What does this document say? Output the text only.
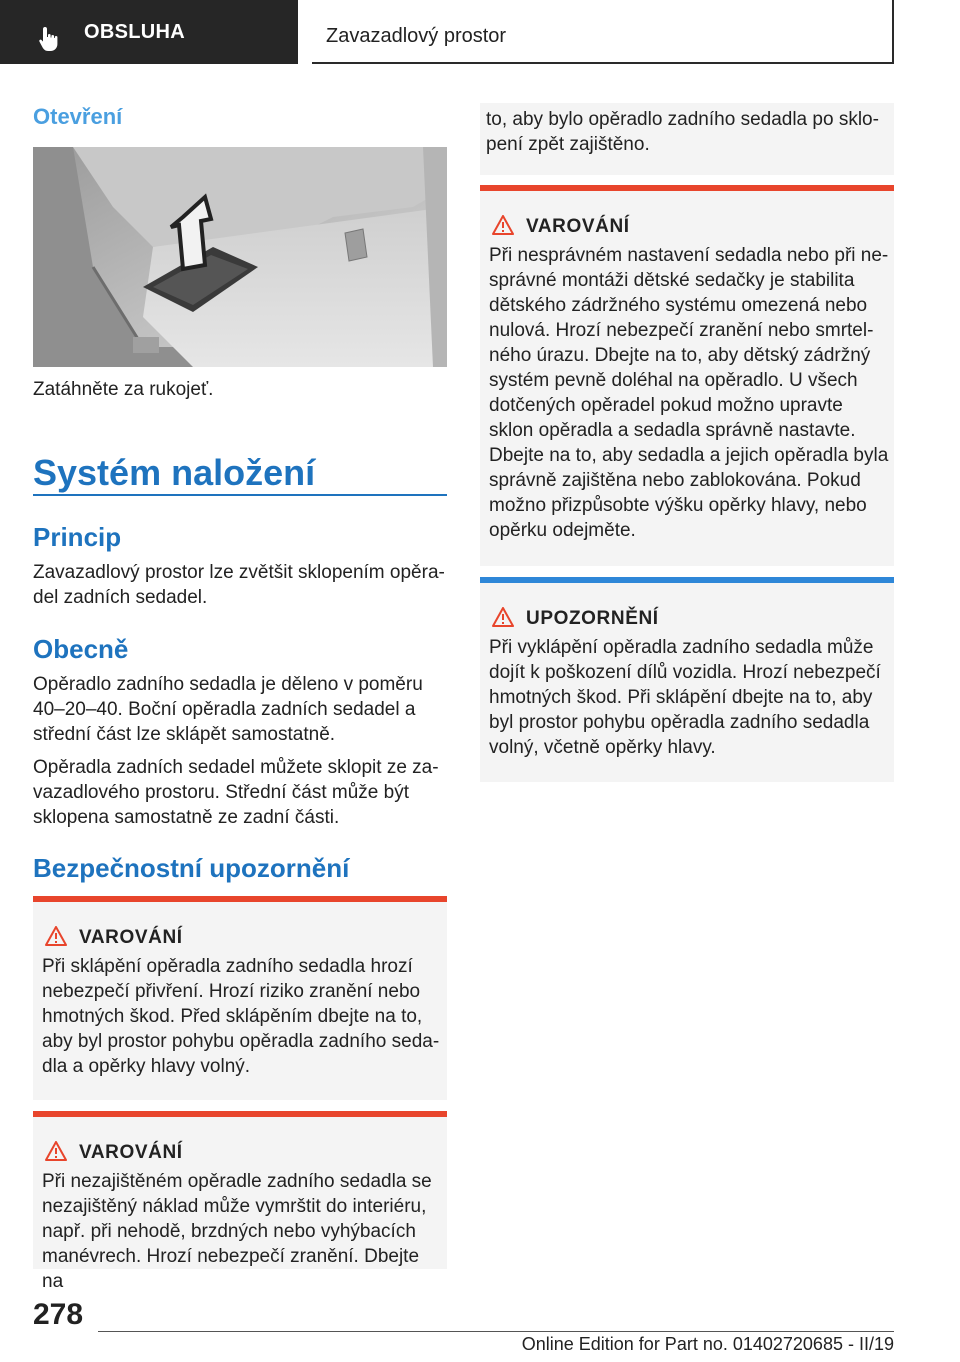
OBSLUHA	Zavazadlový prostor
Otevření
Zatáhněte za rukojeť.
Systém naložení
Princip
Zavazadlový prostor lze zvětšit sklopením opěradel zadních sedadel.
Obecně
Opěradlo zadního sedadla je děleno v poměru 40–20–40. Boční opěradla zadních sedadel a střední část lze sklápět samostatně.
Opěradla zadních sedadel můžete sklopit ze zavazadlového prostoru. Střední část může být sklopena samostatně ze zadní části.
Bezpečnostní upozornění
VAROVÁNÍ
Při sklápění opěradla zadního sedadla hrozí nebezpečí přivření. Hrozí riziko zranění nebo hmotných škod. Před sklápěním dbejte na to, aby byl prostor pohybu opěradla zadního sedadla a opěrky hlavy volný.
VAROVÁNÍ
Při nezajištěném opěradle zadního sedadla se nezajištěný náklad může vymrštit do interiéru, např. při nehodě, brzdných nebo vyhýbacích manévrech. Hrozí nebezpečí zranění. Dbejte na
to, aby bylo opěradlo zadního sedadla po sklopení zpět zajištěno.
VAROVÁNÍ
Při nesprávném nastavení sedadla nebo při nesprávné montáži dětské sedačky je stabilita dětského zádržného systému omezená nebo nulová. Hrozí nebezpečí zranění nebo smrtelného úrazu. Dbejte na to, aby dětský zádržný systém pevně doléhal na opěradlo. U všech dotčených opěradel pokud možno upravte sklon opěradla a sedadla správně nastavte. Dbejte na to, aby sedadla a jejich opěradla byla správně zajištěna nebo zablokována. Pokud možno přizpůsobte výšku opěrky hlavy, nebo opěrku odejměte.
UPOZORNĚNÍ
Při vyklápění opěradla zadního sedadla může dojít k poškození dílů vozidla. Hrozí nebezpečí hmotných škod. Při sklápění dbejte na to, aby byl prostor pohybu opěradla zadního sedadla volný, včetně opěrky hlavy.
278
Online Edition for Part no. 01402720685 - II/19
